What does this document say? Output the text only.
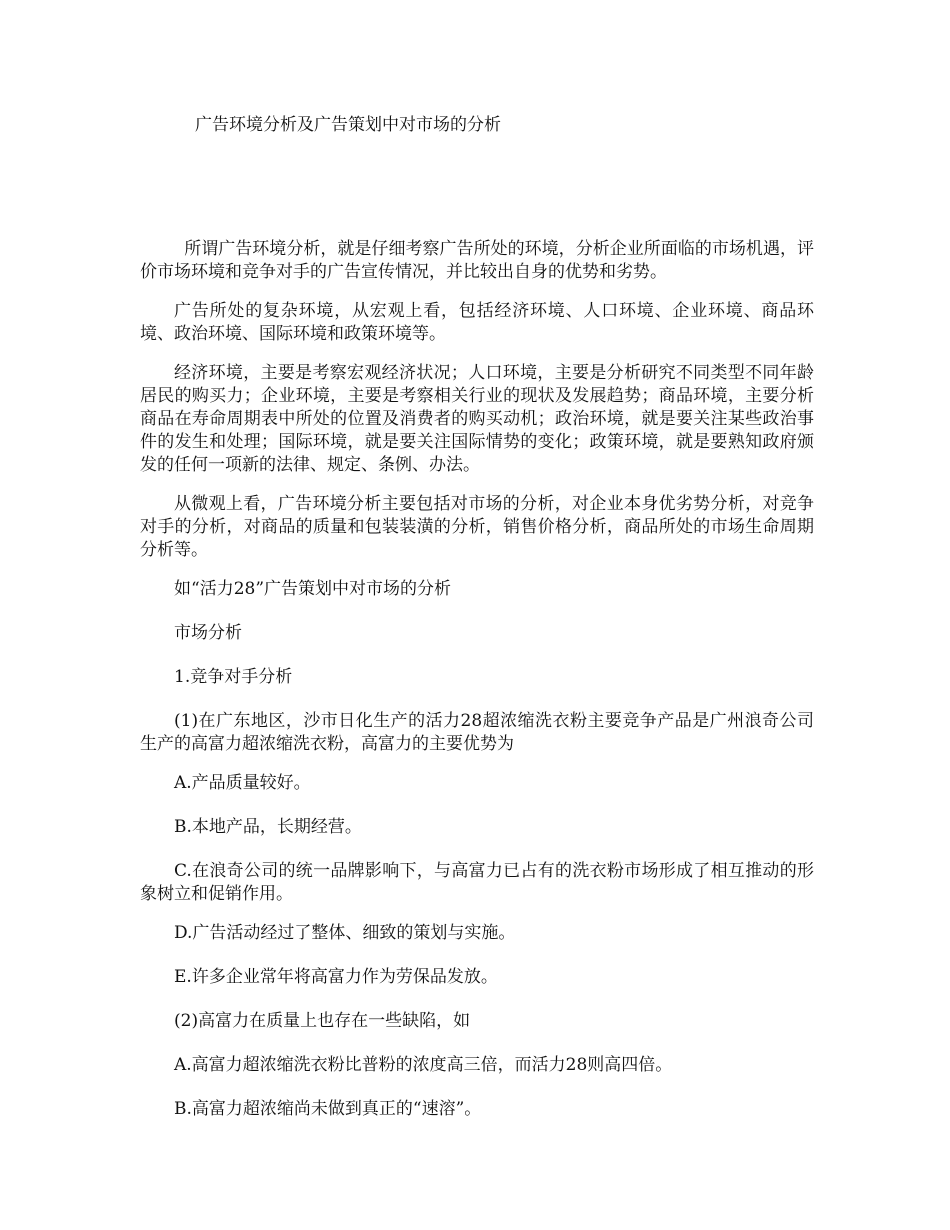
广告环境分析及广告策划中对市场的分析

所谓广告环境分析，就是仔细考察广告所处的环境，分析企业所面临的市场机遇，评价市场环境和竞争对手的广告宣传情况，并比较出自身的优势和劣势。

广告所处的复杂环境，从宏观上看，包括经济环境、人口环境、企业环境、商品环境、政治环境、国际环境和政策环境等。

经济环境，主要是考察宏观经济状况；人口环境，主要是分析研究不同类型不同年龄居民的购买力；企业环境，主要是考察相关行业的现状及发展趋势；商品环境，主要分析商品在寿命周期表中所处的位置及消费者的购买动机；政治环境，就是要关注某些政治事件的发生和处理；国际环境，就是要关注国际情势的变化；政策环境，就是要熟知政府颁发的任何一项新的法律、规定、条例、办法。

从微观上看，广告环境分析主要包括对市场的分析，对企业本身优劣势分析，对竞争对手的分析，对商品的质量和包装装潢的分析，销售价格分析，商品所处的市场生命周期分析等。

如“活力28”广告策划中对市场的分析

市场分析

1.竞争对手分析

(1)在广东地区，沙市日化生产的活力28超浓缩洗衣粉主要竞争产品是广州浪奇公司生产的高富力超浓缩洗衣粉，高富力的主要优势为

A.产品质量较好。

B.本地产品，长期经营。

C.在浪奇公司的统一品牌影响下，与高富力已占有的洗衣粉市场形成了相互推动的形象树立和促销作用。

D.广告活动经过了整体、细致的策划与实施。

E.许多企业常年将高富力作为劳保品发放。

(2)高富力在质量上也存在一些缺陷，如

A.高富力超浓缩洗衣粉比普粉的浓度高三倍，而活力28则高四倍。

B.高富力超浓缩尚未做到真正的“速溶”。
